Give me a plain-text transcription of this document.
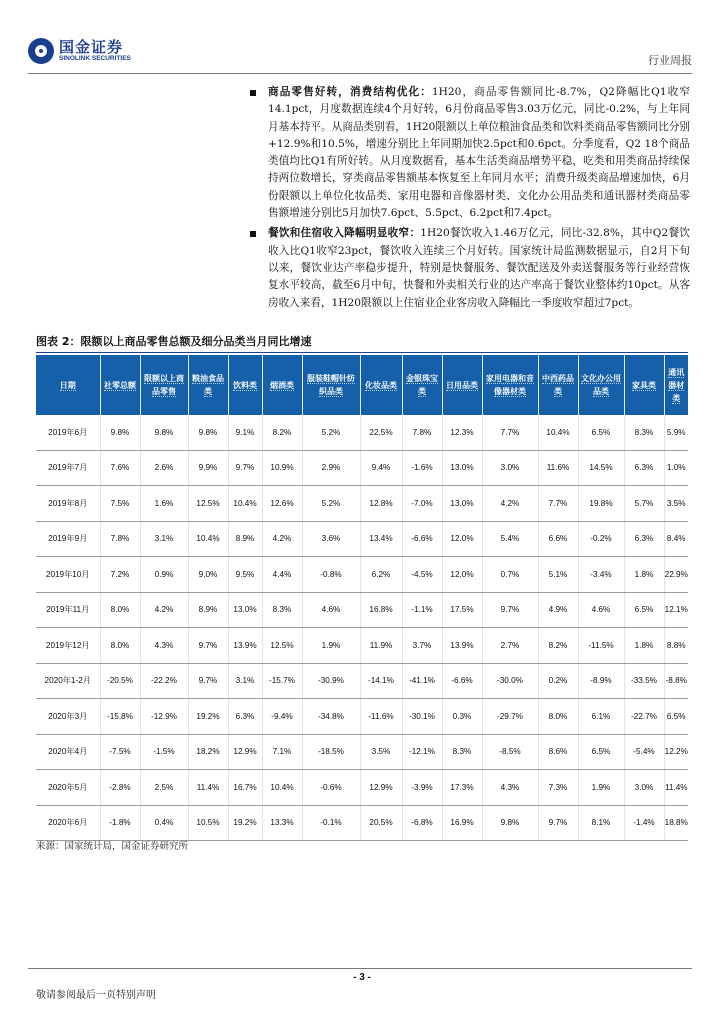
国金证券
SINOLINK SECURITIES	行业周报
商品零售好转，消费结构优化：1H20，商品零售额同比-8.7%，Q2降幅比Q1收窄14.1pct，月度数据连续4个月好转，6月份商品零售3.03万亿元，同比-0.2%，与上年同月基本持平。从商品类别看，1H20限额以上单位粮油食品类和饮料类商品零售额同比分别+12.9%和10.5%，增速分别比上年同期加快2.5pct和0.6pct。分季度看，Q2 18个商品类值均比Q1有所好转。从月度数据看，基本生活类商品增势平稳，吃类和用类商品持续保持两位数增长，穿类商品零售额基本恢复至上年同月水平；消费升级类商品增速加快，6月份限额以上单位化妆品类、家用电器和音像器材类、文化办公用品类和通讯器材类商品零售额增速分别比5月加快7.6pct、5.5pct、6.2pct和7.4pct。
餐饮和住宿收入降幅明显收窄：1H20餐饮收入1.46万亿元，同比-32.8%，其中Q2餐饮收入比Q1收窄23pct，餐饮收入连续三个月好转。国家统计局监测数据显示，自2月下旬以来，餐饮业达产率稳步提升，特别是快餐服务、餐饮配送及外卖送餐服务等行业经营恢复水平较高，截至6月中旬，快餐和外卖相关行业的达产率高于餐饮业整体约10pct。从客房收入来看，1H20限额以上住宿业企业客房收入降幅比一季度收窄超过7pct。
图表 2：限额以上商品零售总额及细分品类当月同比增速
日期	社零总额	限额以上商品零售	粮油食品类	饮料类	烟酒类	服装鞋帽针纺织品类	化妆品类	金银珠宝类	日用品类	家用电器和音像器材类	中西药品类	文化办公用品类	家具类	通讯器材类
2019年6月	9.8%	9.8%	9.8%	9.1%	8.2%	5.2%	22.5%	7.8%	12.3%	7.7%	10.4%	6.5%	8.3%	5.9%
2019年7月	7.6%	2.6%	9.9%	9.7%	10.9%	2.9%	9.4%	-1.6%	13.0%	3.0%	11.6%	14.5%	6.3%	1.0%
2019年8月	7.5%	1.6%	12.5%	10.4%	12.6%	5.2%	12.8%	-7.0%	13.0%	4.2%	7.7%	19.8%	5.7%	3.5%
2019年9月	7.8%	3.1%	10.4%	8.9%	4.2%	3.6%	13.4%	-6.6%	12.0%	5.4%	6.6%	-0.2%	6.3%	8.4%
2019年10月	7.2%	0.9%	9.0%	9.5%	4.4%	-0.8%	6.2%	-4.5%	12.0%	0.7%	5.1%	-3.4%	1.8%	22.9%
2019年11月	8.0%	4.2%	8.9%	13.0%	8.3%	4.6%	16.8%	-1.1%	17.5%	9.7%	4.9%	4.6%	6.5%	12.1%
2019年12月	8.0%	4.3%	9.7%	13.9%	12.5%	1.9%	11.9%	3.7%	13.9%	2.7%	8.2%	-11.5%	1.8%	8.8%
2020年1-2月	-20.5%	-22.2%	9.7%	3.1%	-15.7%	-30.9%	-14.1%	-41.1%	-6.6%	-30.0%	0.2%	-8.9%	-33.5%	-8.8%
2020年3月	-15.8%	-12.9%	19.2%	6.3%	-9.4%	-34.8%	-11.6%	-30.1%	0.3%	-29.7%	8.0%	6.1%	-22.7%	6.5%
2020年4月	-7.5%	-1.5%	18.2%	12.9%	7.1%	-18.5%	3.5%	-12.1%	8.3%	-8.5%	8.6%	6.5%	-5.4%	12.2%
2020年5月	-2.8%	2.5%	11.4%	16.7%	10.4%	-0.6%	12.9%	-3.9%	17.3%	4.3%	7.3%	1.9%	3.0%	11.4%
2020年6月	-1.8%	0.4%	10.5%	19.2%	13.3%	-0.1%	20.5%	-6.8%	16.9%	9.8%	9.7%	8.1%	-1.4%	18.8%
来源：国家统计局，国金证券研究所
- 3 -
敬请参阅最后一页特别声明
